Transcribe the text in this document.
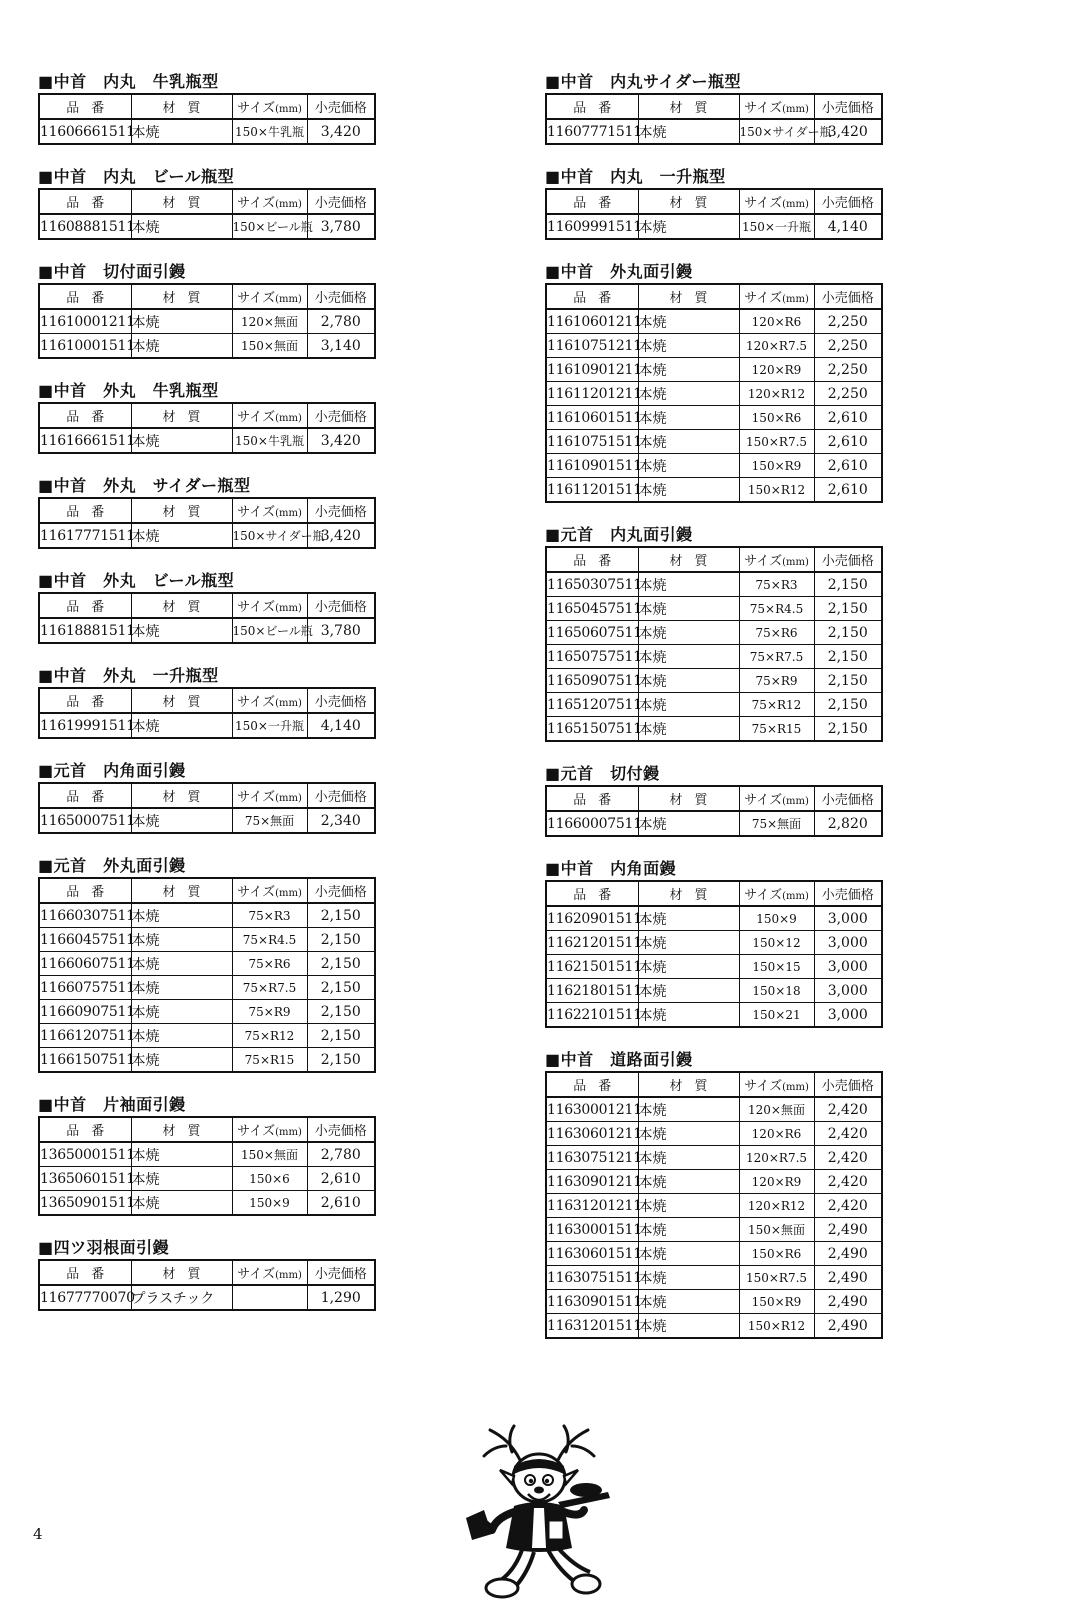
■中首　内丸　牛乳瓶型
品番	材質	サイズ(mm)	小売価格
11606661511	本焼	150×牛乳瓶	3,420
■中首　内丸　ビール瓶型
品番	材質	サイズ(mm)	小売価格
11608881511	本焼	150×ビール瓶	3,780
■中首　切付面引鏝
品番	材質	サイズ(mm)	小売価格
11610001211	本焼	120×無面	2,780
11610001511	本焼	150×無面	3,140
■中首　外丸　牛乳瓶型
品番	材質	サイズ(mm)	小売価格
11616661511	本焼	150×牛乳瓶	3,420
■中首　外丸　サイダー瓶型
品番	材質	サイズ(mm)	小売価格
11617771511	本焼	150×サイダー瓶	3,420
■中首　外丸　ビール瓶型
品番	材質	サイズ(mm)	小売価格
11618881511	本焼	150×ビール瓶	3,780
■中首　外丸　一升瓶型
品番	材質	サイズ(mm)	小売価格
11619991511	本焼	150×一升瓶	4,140
■元首　内角面引鏝
品番	材質	サイズ(mm)	小売価格
11650007511	本焼	75×無面	2,340
■元首　外丸面引鏝
品番	材質	サイズ(mm)	小売価格
11660307511	本焼	75×R3	2,150
11660457511	本焼	75×R4.5	2,150
11660607511	本焼	75×R6	2,150
11660757511	本焼	75×R7.5	2,150
11660907511	本焼	75×R9	2,150
11661207511	本焼	75×R12	2,150
11661507511	本焼	75×R15	2,150
■中首　片袖面引鏝
品番	材質	サイズ(mm)	小売価格
13650001511	本焼	150×無面	2,780
13650601511	本焼	150×6	2,610
13650901511	本焼	150×9	2,610
■四ツ羽根面引鏝
品番	材質	サイズ(mm)	小売価格
11677770070	プラスチック		1,290
■中首　内丸サイダー瓶型
品番	材質	サイズ(mm)	小売価格
11607771511	本焼	150×サイダー瓶	3,420
■中首　内丸　一升瓶型
品番	材質	サイズ(mm)	小売価格
11609991511	本焼	150×一升瓶	4,140
■中首　外丸面引鏝
品番	材質	サイズ(mm)	小売価格
11610601211	本焼	120×R6	2,250
11610751211	本焼	120×R7.5	2,250
11610901211	本焼	120×R9	2,250
11611201211	本焼	120×R12	2,250
11610601511	本焼	150×R6	2,610
11610751511	本焼	150×R7.5	2,610
11610901511	本焼	150×R9	2,610
11611201511	本焼	150×R12	2,610
■元首　内丸面引鏝
品番	材質	サイズ(mm)	小売価格
11650307511	本焼	75×R3	2,150
11650457511	本焼	75×R4.5	2,150
11650607511	本焼	75×R6	2,150
11650757511	本焼	75×R7.5	2,150
11650907511	本焼	75×R9	2,150
11651207511	本焼	75×R12	2,150
11651507511	本焼	75×R15	2,150
■元首　切付鏝
品番	材質	サイズ(mm)	小売価格
11660007511	本焼	75×無面	2,820
■中首　内角面鏝
品番	材質	サイズ(mm)	小売価格
11620901511	本焼	150×9	3,000
11621201511	本焼	150×12	3,000
11621501511	本焼	150×15	3,000
11621801511	本焼	150×18	3,000
11622101511	本焼	150×21	3,000
■中首　道路面引鏝
品番	材質	サイズ(mm)	小売価格
11630001211	本焼	120×無面	2,420
11630601211	本焼	120×R6	2,420
11630751211	本焼	120×R7.5	2,420
11630901211	本焼	120×R9	2,420
11631201211	本焼	120×R12	2,420
11630001511	本焼	150×無面	2,490
11630601511	本焼	150×R6	2,490
11630751511	本焼	150×R7.5	2,490
11630901511	本焼	150×R9	2,490
11631201511	本焼	150×R12	2,490
4
